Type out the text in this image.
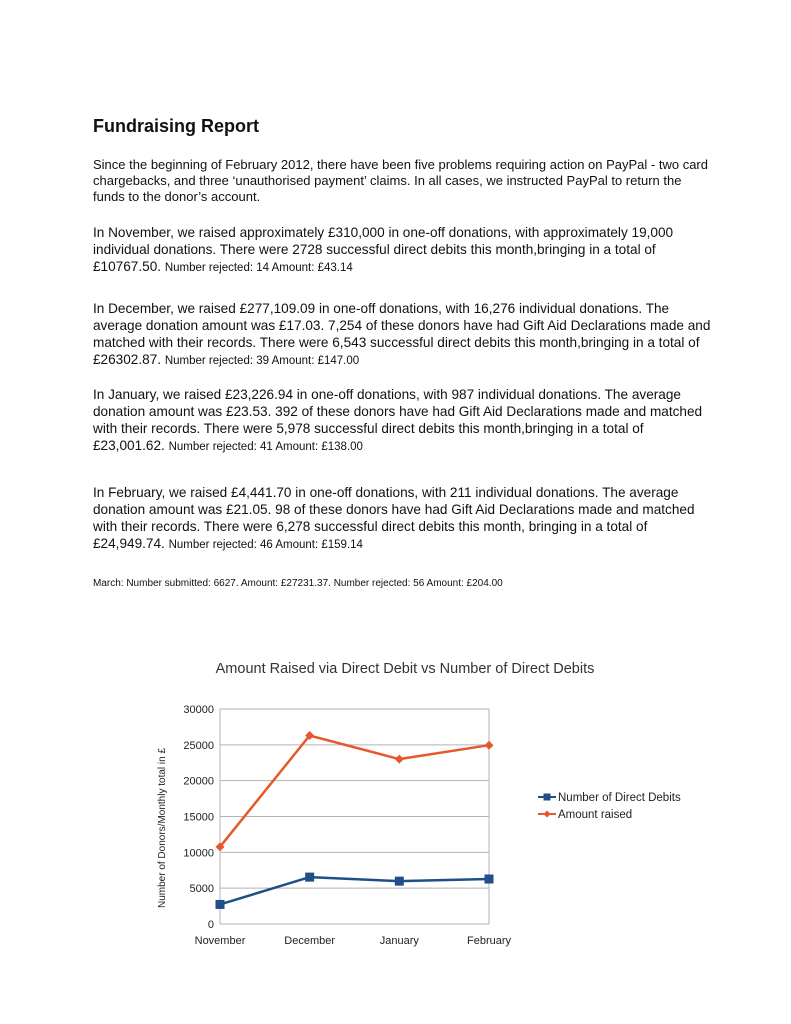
Fundraising Report

Since the beginning of February 2012, there have been five problems requiring action on PayPal - two card chargebacks, and three ‘unauthorised payment’ claims. In all cases, we instructed PayPal to return the funds to the donor’s account.

In November, we raised approximately £310,000 in one-off donations, with approximately 19,000 individual donations. There were 2728 successful direct debits this month,bringing in a total of £10767.50. Number rejected: 14 Amount: £43.14

In December, we raised £277,109.09 in one-off donations, with 16,276 individual donations. The average donation amount was £17.03. 7,254 of these donors have had Gift Aid Declarations made and matched with their records. There were 6,543 successful direct debits this month,bringing in a total of £26302.87. Number rejected: 39 Amount: £147.00

In January, we raised £23,226.94 in one-off donations, with 987 individual donations. The average donation amount was £23.53. 392 of these donors have had Gift Aid Declarations made and matched with their records. There were 5,978 successful direct debits this month,bringing in a total of £23,001.62. Number rejected: 41 Amount: £138.00

In February, we raised £4,441.70 in one-off donations, with 211 individual donations. The average donation amount was £21.05. 98 of these donors have had Gift Aid Declarations made and matched with their records. There were 6,278 successful direct debits this month, bringing in a total of £24,949.74. Number rejected: 46 Amount: £159.14

March: Number submitted: 6627. Amount: £27231.37. Number rejected: 56 Amount: £204.00

Amount Raised via Direct Debit vs Number of Direct Debits
Number of Donors/Monthly total in £
0
5000
10000
15000
20000
25000
30000
November	December	January	February
Number of Direct Debits
Amount raised
